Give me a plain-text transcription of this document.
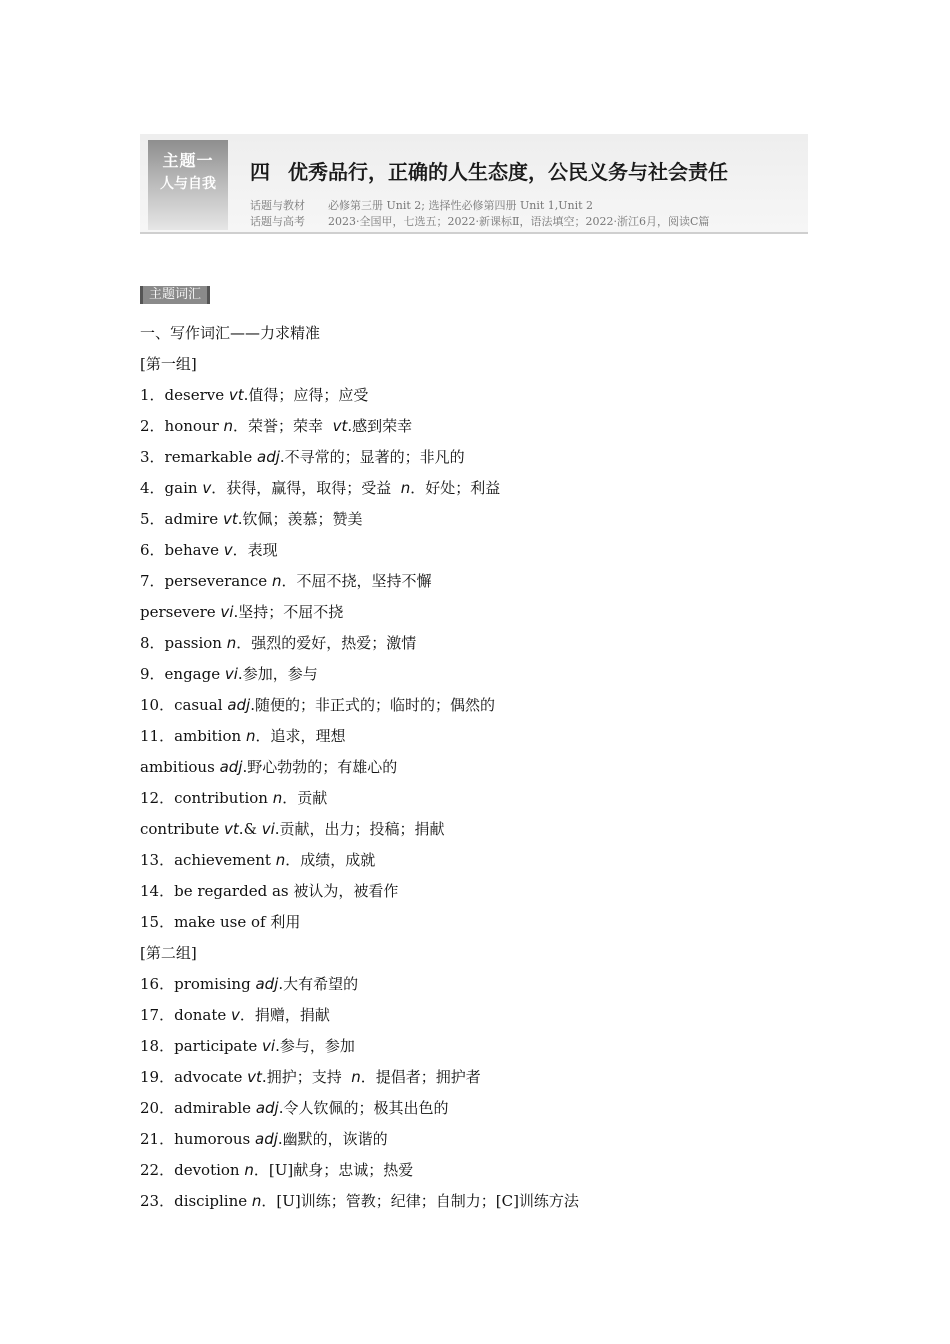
主题一
人与自我	四 优秀品行，正确的人生态度，公民义务与社会责任
话题与教材 必修第三册 Unit 2; 选择性必修第四册 Unit 1,Unit 2
话题与高考 2023·全国甲，七选五；2022·新课标Ⅱ，语法填空；2022·浙江6月，阅读C篇
主题词汇
一、写作词汇——力求精准
[第一组]
1．deserve vt.值得；应得；应受
2．honour n．荣誉；荣幸  vt.感到荣幸
3．remarkable adj.不寻常的；显著的；非凡的
4．gain v．获得，赢得，取得；受益  n．好处；利益
5．admire vt.钦佩；羡慕；赞美
6．behave v．表现
7．perseverance n．不屈不挠，坚持不懈
persevere vi.坚持；不屈不挠
8．passion n．强烈的爱好，热爱；激情
9．engage vi.参加，参与
10．casual adj.随便的；非正式的；临时的；偶然的
11．ambition n．追求，理想
ambitious adj.野心勃勃的；有雄心的
12．contribution n．贡献
contribute vt.& vi.贡献，出力；投稿；捐献
13．achievement n．成绩，成就
14．be regarded as 被认为，被看作
15．make use of 利用
[第二组]
16．promising adj.大有希望的
17．donate v．捐赠，捐献
18．participate vi.参与，参加
19．advocate vt.拥护；支持  n．提倡者；拥护者
20．admirable adj.令人钦佩的；极其出色的
21．humorous adj.幽默的，诙谐的
22．devotion n．[U]献身；忠诚；热爱
23．discipline n．[U]训练；管教；纪律；自制力；[C]训练方法
